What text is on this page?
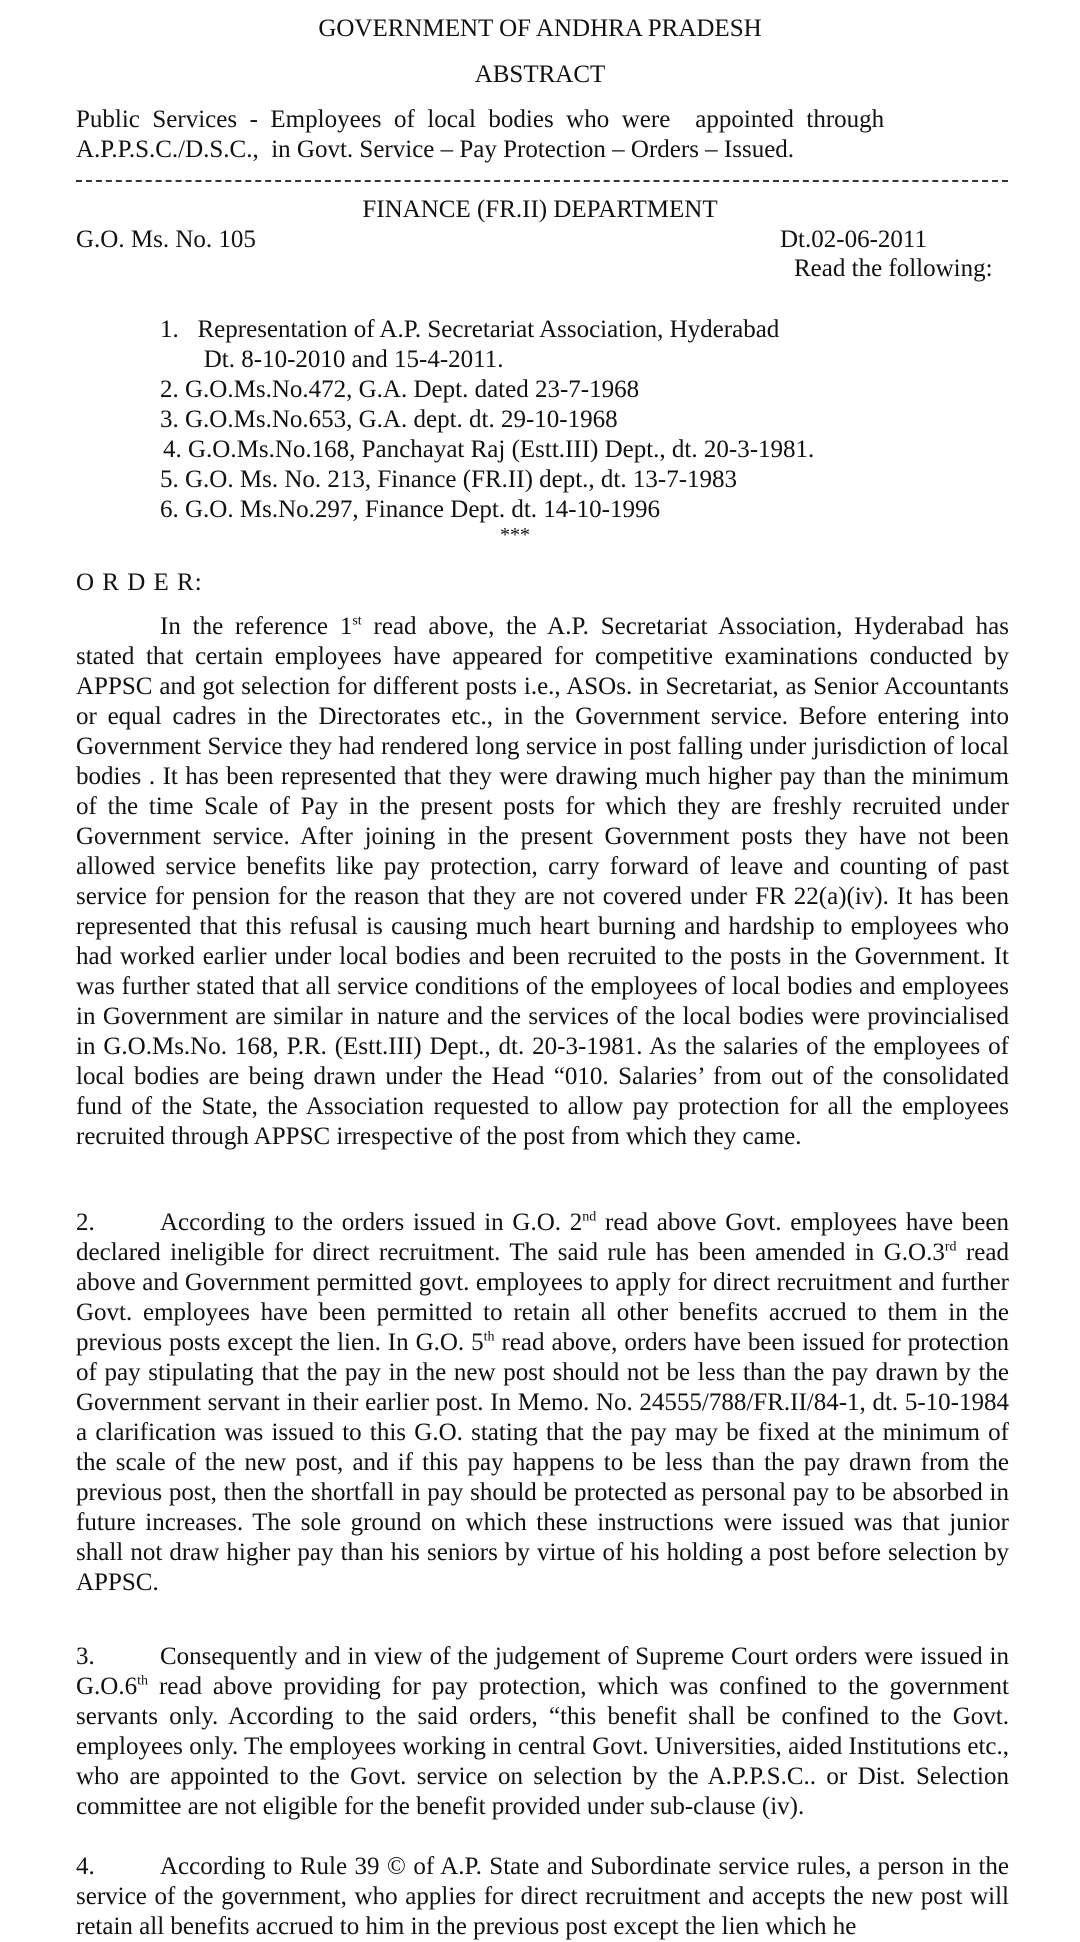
GOVERNMENT OF ANDHRA PRADESH
ABSTRACT
Public  Services  -  Employees  of  local  bodies  who  were    appointed  through
A.P.P.S.C./D.S.C.,  in Govt. Service – Pay Protection – Orders – Issued.
FINANCE (FR.II) DEPARTMENT
G.O. Ms. No. 105	Dt.02-06-2011
Read the following:
1.   Representation of A.P. Secretariat Association, Hyderabad
Dt. 8-10-2010 and 15-4-2011.
2. G.O.Ms.No.472, G.A. Dept. dated 23-7-1968
3. G.O.Ms.No.653, G.A. dept. dt. 29-10-1968
4. G.O.Ms.No.168, Panchayat Raj (Estt.III) Dept., dt. 20-3-1981.
5. G.O. Ms. No. 213, Finance (FR.II) dept., dt. 13-7-1983
6. G.O. Ms.No.297, Finance Dept. dt. 14-10-1996
***
O R D E R:
In the reference 1st read above, the A.P. Secretariat Association, Hyderabad has stated that certain employees have appeared for competitive examinations conducted by APPSC and got selection for different posts i.e., ASOs. in Secretariat, as Senior Accountants or equal cadres in the Directorates etc., in the Government service. Before entering into Government Service they had rendered long service in post falling under jurisdiction of local bodies . It has been represented that they were drawing much higher pay than the minimum of the time Scale of Pay in the present posts for which they are freshly recruited under Government service. After joining in the present Government posts they have not been allowed service benefits like pay protection, carry forward of leave and counting of past service for pension for the reason that they are not covered under FR 22(a)(iv). It has been represented that this refusal is causing much heart burning and hardship to employees who had worked earlier under local bodies and been recruited to the posts in the Government. It was further stated that all service conditions of the employees of local bodies and employees in Government are similar in nature and the services of the local bodies were provincialised in G.O.Ms.No. 168, P.R. (Estt.III) Dept., dt. 20-3-1981. As the salaries of the employees of local bodies are being drawn under the Head “010. Salaries’ from out of the consolidated fund of the State, the Association requested to allow pay protection for all the employees recruited through APPSC irrespective of the post from which they came.
2.	According to the orders issued in G.O. 2nd read above Govt. employees have been declared ineligible for direct recruitment. The said rule has been amended in G.O.3rd read above and Government permitted govt. employees to apply for direct recruitment and further Govt. employees have been permitted to retain all other benefits accrued to them in the previous posts except the lien. In G.O. 5th read above, orders have been issued for protection of pay stipulating that the pay in the new post should not be less than the pay drawn by the Government servant in their earlier post. In Memo. No. 24555/788/FR.II/84-1, dt. 5-10-1984 a clarification was issued to this G.O. stating that the pay may be fixed at the minimum of the scale of the new post, and if this pay happens to be less than the pay drawn from the previous post, then the shortfall in pay should be protected as personal pay to be absorbed in future increases. The sole ground on which these instructions were issued was that junior shall not draw higher pay than his seniors by virtue of his holding a post before selection by APPSC.
3.	Consequently and in view of the judgement of Supreme Court orders were issued in G.O.6th read above providing for pay protection, which was confined to the government servants only. According to the said orders, “this benefit shall be confined to the Govt. employees only. The employees working in central Govt. Universities, aided Institutions etc., who are appointed to the Govt. service on selection by the A.P.P.S.C.. or Dist. Selection committee are not eligible for the benefit provided under sub-clause (iv).
4.	According to Rule 39 © of A.P. State and Subordinate service rules, a person in the service of the government, who applies for direct recruitment and accepts the new post will retain all benefits accrued to him in the previous post except the lien which he
